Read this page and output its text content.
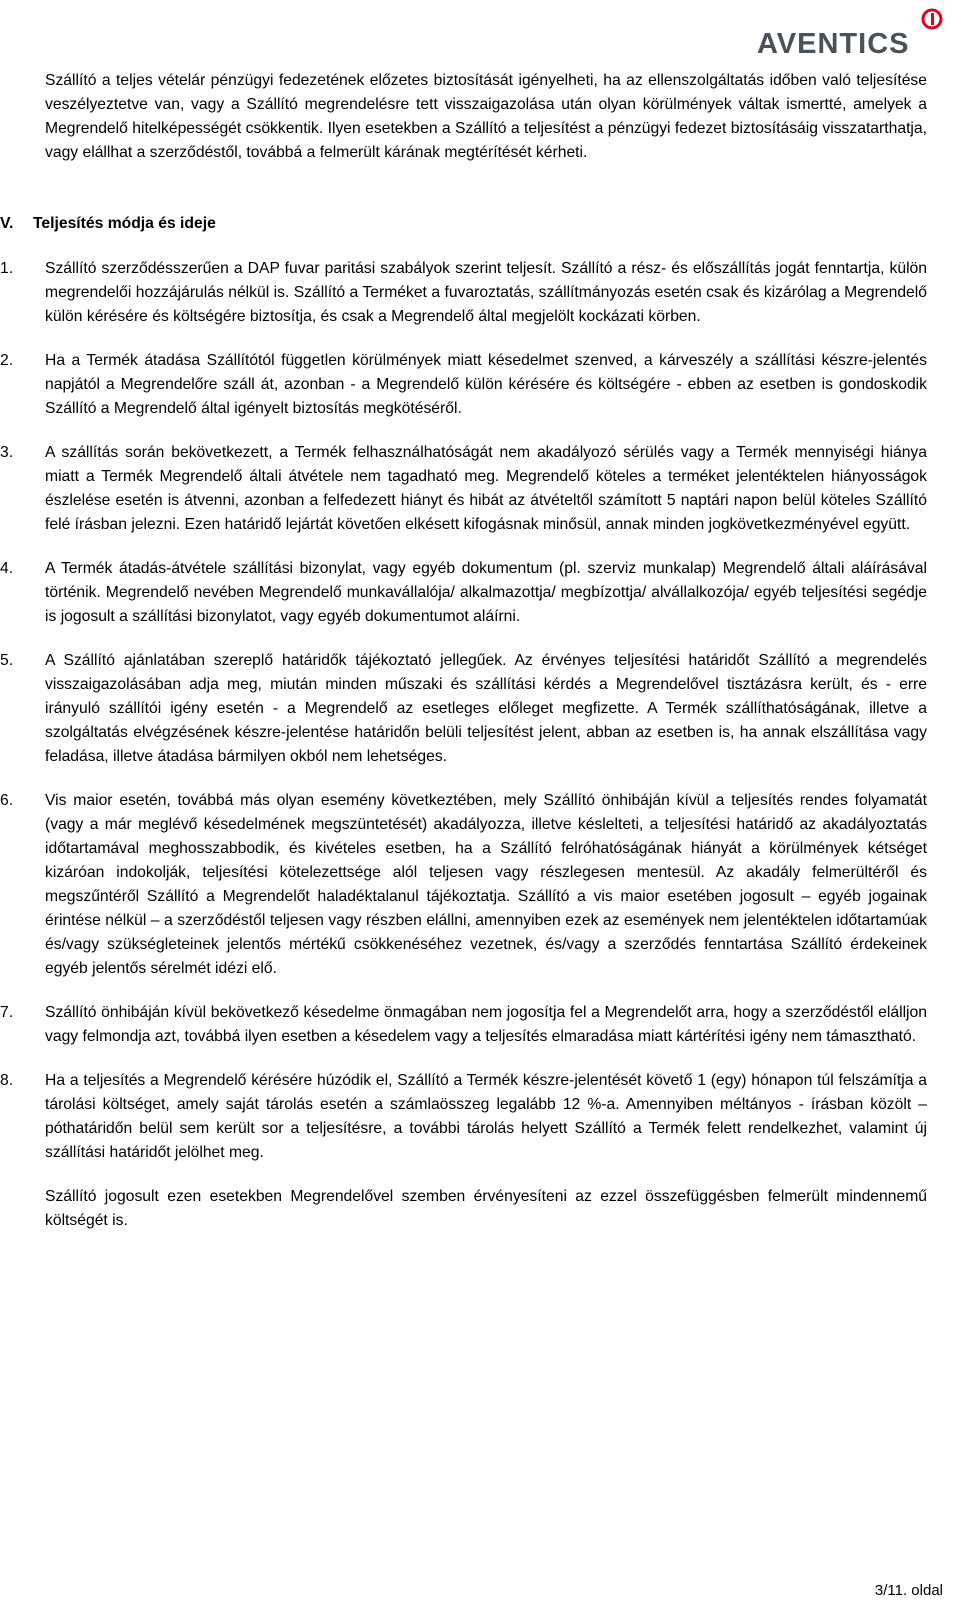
AVENTICS

Szállító a teljes vételár pénzügyi fedezetének előzetes biztosítását igényelheti, ha az ellenszolgáltatás időben való teljesítése veszélyeztetve van, vagy a Szállító megrendelésre tett visszaigazolása után olyan körülmények váltak ismertté, amelyek a Megrendelő hitelképességét csökkentik. Ilyen esetekben a Szállító a teljesítést a pénzügyi fedezet biztosításáig visszatarthatja, vagy elállhat a szerződéstől, továbbá a felmerült kárának megtérítését kérheti.

V.	Teljesítés módja és ideje
1. Szállító szerződésszerűen a DAP fuvar paritási szabályok szerint teljesít. Szállító a rész- és előszállítás jogát fenntartja, külön megrendelői hozzájárulás nélkül is. Szállító a Terméket a fuvaroztatás, szállítmányozás esetén csak és kizárólag a Megrendelő külön kérésére és költségére biztosítja, és csak a Megrendelő által megjelölt kockázati körben.

2. Ha a Termék átadása Szállítótól független körülmények miatt késedelmet szenved, a kárveszély a szállítási készre-jelentés napjától a Megrendelőre száll át, azonban - a Megrendelő külön kérésére és költségére - ebben az esetben is gondoskodik Szállító a Megrendelő által igényelt biztosítás megkötéséről.

3. A szállítás során bekövetkezett, a Termék felhasználhatóságát nem akadályozó sérülés vagy a Termék mennyiségi hiánya miatt a Termék Megrendelő általi átvétele nem tagadható meg. Megrendelő köteles a terméket jelentéktelen hiányosságok észlelése esetén is átvenni, azonban a felfedezett hiányt és hibát az átvételtől számított 5 naptári napon belül köteles Szállító felé írásban jelezni. Ezen határidő lejártát követően elkésett kifogásnak minősül, annak minden jogkövetkezményével együtt.

4. A Termék átadás-átvétele szállítási bizonylat, vagy egyéb dokumentum (pl. szerviz munkalap) Megrendelő általi aláírásával történik. Megrendelő nevében Megrendelő munkavállalója/ alkalmazottja/ megbízottja/ alvállalkozója/ egyéb teljesítési segédje is jogosult a szállítási bizonylatot, vagy egyéb dokumentumot aláírni.

5. A Szállító ajánlatában szereplő határidők tájékoztató jellegűek. Az érvényes teljesítési határidőt Szállító a megrendelés visszaigazolásában adja meg, miután minden műszaki és szállítási kérdés a Megrendelővel tisztázásra került, és - erre irányuló szállítói igény esetén - a Megrendelő az esetleges előleget megfizette. A Termék szállíthatóságának, illetve a szolgáltatás elvégzésének készre-jelentése határidőn belüli teljesítést jelent, abban az esetben is, ha annak elszállítása vagy feladása, illetve átadása bármilyen okból nem lehetséges.

6. Vis maior esetén, továbbá más olyan esemény következtében, mely Szállító önhibáján kívül a teljesítés rendes folyamatát (vagy a már meglévő késedelmének megszüntetését) akadályozza, illetve késlelteti, a teljesítési határidő az akadályoztatás időtartamával meghosszabbodik, és kivételes esetben, ha a Szállító felróhatóságának hiányát a körülmények kétséget kizáróan indokolják, teljesítési kötelezettsége alól teljesen vagy részlegesen mentesül. Az akadály felmerültéről és megszűntéről Szállító a Megrendelőt haladéktalanul tájékoztatja. Szállító a vis maior esetében jogosult – egyéb jogainak érintése nélkül – a szerződéstől teljesen vagy részben elállni, amennyiben ezek az események nem jelentéktelen időtartamúak és/vagy szükségleteinek jelentős mértékű csökkenéséhez vezetnek, és/vagy a szerződés fenntartása Szállító érdekeinek egyéb jelentős sérelmét idézi elő.

7. Szállító önhibáján kívül bekövetkező késedelme önmagában nem jogosítja fel a Megrendelőt arra, hogy a szerződéstől elálljon vagy felmondja azt, továbbá ilyen esetben a késedelem vagy a teljesítés elmaradása miatt kártérítési igény nem támasztható.

8. Ha a teljesítés a Megrendelő kérésére húzódik el, Szállító a Termék készre-jelentését követő 1 (egy) hónapon túl felszámítja a tárolási költséget, amely saját tárolás esetén a számlaösszeg legalább 12 %-a. Amennyiben méltányos - írásban közölt – póthatáridőn belül sem került sor a teljesítésre, a további tárolás helyett Szállító a Termék felett rendelkezhet, valamint új szállítási határidőt jelölhet meg.

Szállító jogosult ezen esetekben Megrendelővel szemben érvényesíteni az ezzel összefüggésben felmerült mindennemű költségét is.

3/11. oldal
